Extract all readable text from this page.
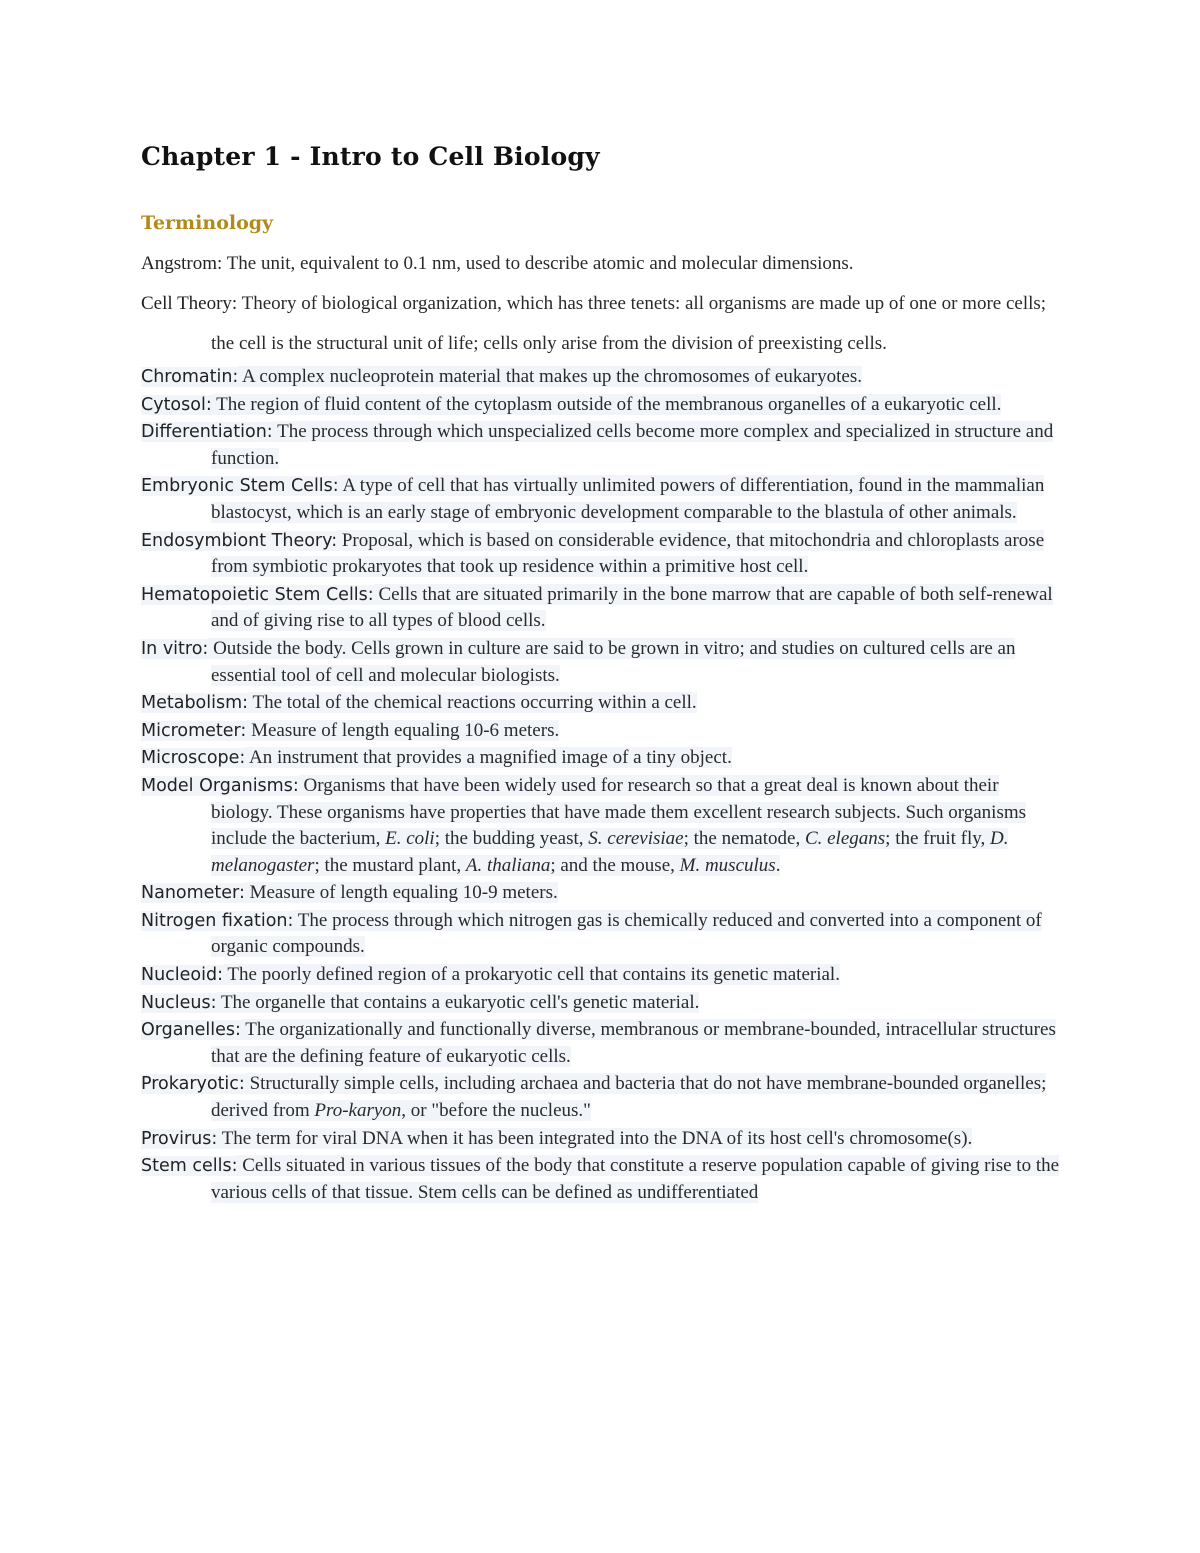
Chapter 1 - Intro to Cell Biology
Terminology

Angstrom: The unit, equivalent to 0.1 nm, used to describe atomic and molecular dimensions.

Cell Theory: Theory of biological organization, which has three tenets: all organisms are made up of one or more cells; the cell is the structural unit of life; cells only arise from the division of preexisting cells.

Chromatin: A complex nucleoprotein material that makes up the chromosomes of eukaryotes.

Cytosol: The region of fluid content of the cytoplasm outside of the membranous organelles of a eukaryotic cell.

Differentiation: The process through which unspecialized cells become more complex and specialized in structure and function.

Embryonic Stem Cells: A type of cell that has virtually unlimited powers of differentiation, found in the mammalian blastocyst, which is an early stage of embryonic development comparable to the blastula of other animals.

Endosymbiont Theory: Proposal, which is based on considerable evidence, that mitochondria and chloroplasts arose from symbiotic prokaryotes that took up residence within a primitive host cell.

Hematopoietic Stem Cells: Cells that are situated primarily in the bone marrow that are capable of both self-renewal and of giving rise to all types of blood cells.

In vitro: Outside the body. Cells grown in culture are said to be grown in vitro; and studies on cultured cells are an essential tool of cell and molecular biologists.

Metabolism: The total of the chemical reactions occurring within a cell.

Micrometer: Measure of length equaling 10-6 meters.

Microscope: An instrument that provides a magnified image of a tiny object.

Model Organisms: Organisms that have been widely used for research so that a great deal is known about their biology. These organisms have properties that have made them excellent research subjects. Such organisms include the bacterium, E. coli; the budding yeast, S. cerevisiae; the nematode, C. elegans; the fruit fly, D. melanogaster; the mustard plant, A. thaliana; and the mouse, M. musculus.

Nanometer: Measure of length equaling 10-9 meters.

Nitrogen fixation: The process through which nitrogen gas is chemically reduced and converted into a component of organic compounds.

Nucleoid: The poorly defined region of a prokaryotic cell that contains its genetic material.

Nucleus: The organelle that contains a eukaryotic cell's genetic material.

Organelles: The organizationally and functionally diverse, membranous or membrane-bounded, intracellular structures that are the defining feature of eukaryotic cells.

Prokaryotic: Structurally simple cells, including archaea and bacteria that do not have membrane-bounded organelles; derived from Pro-karyon, or "before the nucleus."

Provirus: The term for viral DNA when it has been integrated into the DNA of its host cell's chromosome(s).

Stem cells: Cells situated in various tissues of the body that constitute a reserve population capable of giving rise to the various cells of that tissue. Stem cells can be defined as undifferentiated
